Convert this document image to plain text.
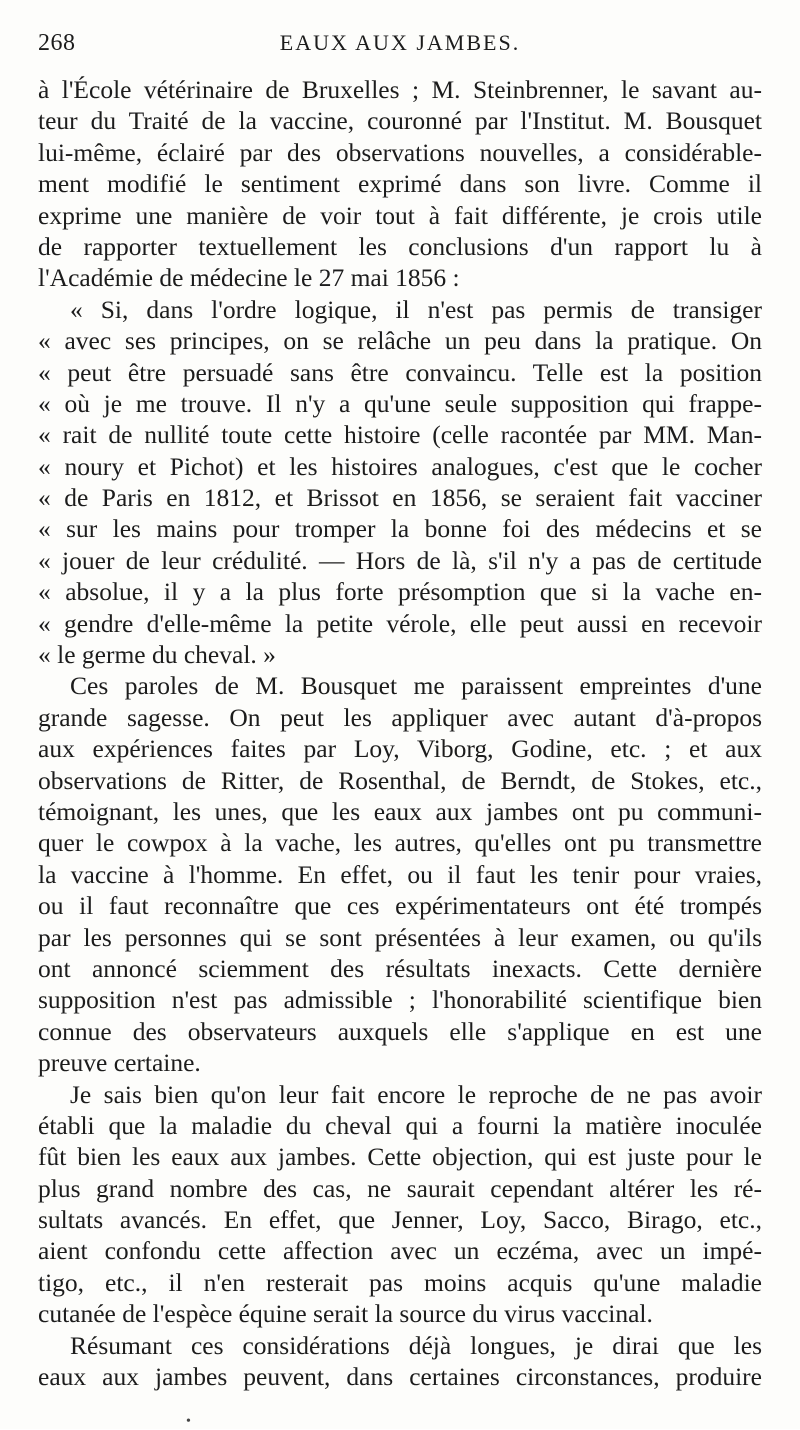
268	EAUX AUX JAMBES.
à l'École vétérinaire de Bruxelles ; M. Steinbrenner, le savant au-
teur du Traité de la vaccine, couronné par l'Institut. M. Bousquet
lui-même, éclairé par des observations nouvelles, a considérable-
ment modifié le sentiment exprimé dans son livre. Comme il
exprime une manière de voir tout à fait différente, je crois utile
de rapporter textuellement les conclusions d'un rapport lu à
l'Académie de médecine le 27 mai 1856 :
« Si, dans l'ordre logique, il n'est pas permis de transiger
« avec ses principes, on se relâche un peu dans la pratique. On
« peut être persuadé sans être convaincu. Telle est la position
« où je me trouve. Il n'y a qu'une seule supposition qui frappe-
« rait de nullité toute cette histoire (celle racontée par MM. Man-
« noury et Pichot) et les histoires analogues, c'est que le cocher
« de Paris en 1812, et Brissot en 1856, se seraient fait vacciner
« sur les mains pour tromper la bonne foi des médecins et se
« jouer de leur crédulité. — Hors de là, s'il n'y a pas de certitude
« absolue, il y a la plus forte présomption que si la vache en-
« gendre d'elle-même la petite vérole, elle peut aussi en recevoir
« le germe du cheval. »
Ces paroles de M. Bousquet me paraissent empreintes d'une
grande sagesse. On peut les appliquer avec autant d'à-propos
aux expériences faites par Loy, Viborg, Godine, etc. ; et aux
observations de Ritter, de Rosenthal, de Berndt, de Stokes, etc.,
témoignant, les unes, que les eaux aux jambes ont pu communi-
quer le cowpox à la vache, les autres, qu'elles ont pu transmettre
la vaccine à l'homme. En effet, ou il faut les tenir pour vraies,
ou il faut reconnaître que ces expérimentateurs ont été trompés
par les personnes qui se sont présentées à leur examen, ou qu'ils
ont annoncé sciemment des résultats inexacts. Cette dernière
supposition n'est pas admissible ; l'honorabilité scientifique bien
connue des observateurs auxquels elle s'applique en est une
preuve certaine.
Je sais bien qu'on leur fait encore le reproche de ne pas avoir
établi que la maladie du cheval qui a fourni la matière inoculée
fût bien les eaux aux jambes. Cette objection, qui est juste pour le
plus grand nombre des cas, ne saurait cependant altérer les ré-
sultats avancés. En effet, que Jenner, Loy, Sacco, Birago, etc.,
aient confondu cette affection avec un eczéma, avec un impé-
tigo, etc., il n'en resterait pas moins acquis qu'une maladie
cutanée de l'espèce équine serait la source du virus vaccinal.
Résumant ces considérations déjà longues, je dirai que les
eaux aux jambes peuvent, dans certaines circonstances, produire
•
